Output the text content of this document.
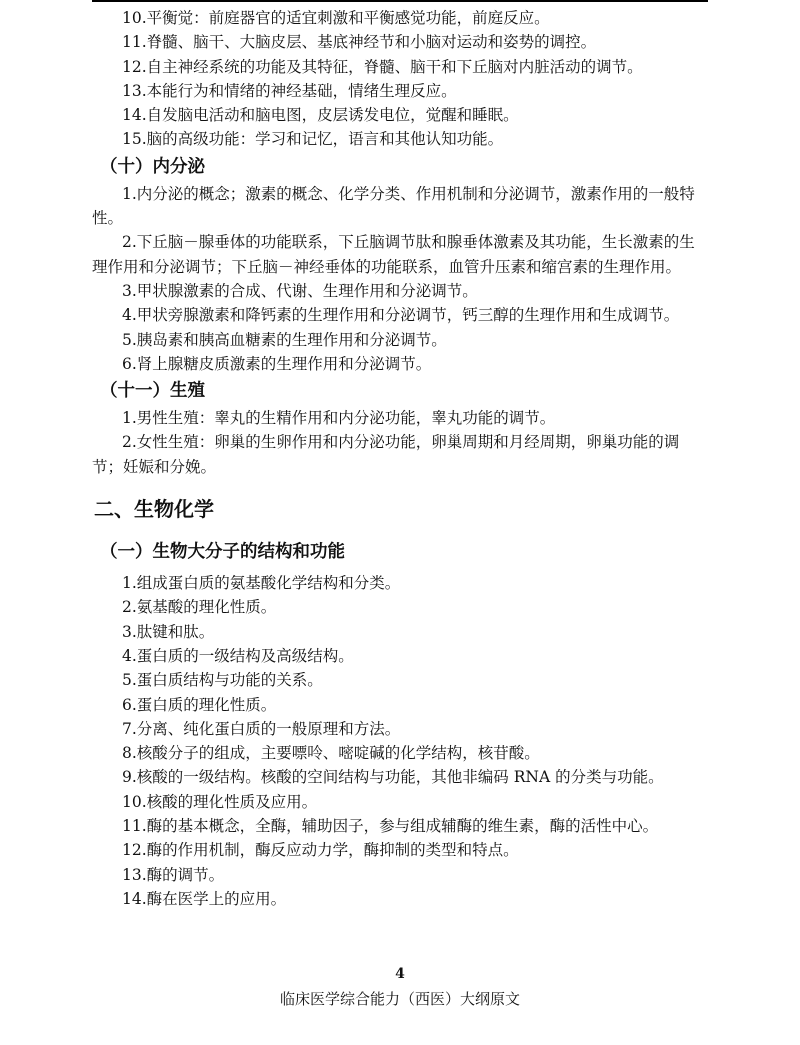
10.平衡觉：前庭器官的适宜刺激和平衡感觉功能，前庭反应。

11.脊髓、脑干、大脑皮层、基底神经节和小脑对运动和姿势的调控。

12.自主神经系统的功能及其特征，脊髓、脑干和下丘脑对内脏活动的调节。

13.本能行为和情绪的神经基础，情绪生理反应。

14.自发脑电活动和脑电图，皮层诱发电位，觉醒和睡眠。

15.脑的高级功能：学习和记忆，语言和其他认知功能。

（十）内分泌

1.内分泌的概念；激素的概念、化学分类、作用机制和分泌调节，激素作用的一般特性。

2.下丘脑－腺垂体的功能联系，下丘脑调节肽和腺垂体激素及其功能，生长激素的生理作用和分泌调节；下丘脑－神经垂体的功能联系，血管升压素和缩宫素的生理作用。

3.甲状腺激素的合成、代谢、生理作用和分泌调节。

4.甲状旁腺激素和降钙素的生理作用和分泌调节，钙三醇的生理作用和生成调节。

5.胰岛素和胰高血糖素的生理作用和分泌调节。

6.肾上腺糖皮质激素的生理作用和分泌调节。

（十一）生殖

1.男性生殖：睾丸的生精作用和内分泌功能，睾丸功能的调节。

2.女性生殖：卵巢的生卵作用和内分泌功能，卵巢周期和月经周期，卵巢功能的调节；妊娠和分娩。

二、生物化学

（一）生物大分子的结构和功能

1.组成蛋白质的氨基酸化学结构和分类。

2.氨基酸的理化性质。

3.肽键和肽。

4.蛋白质的一级结构及高级结构。

5.蛋白质结构与功能的关系。

6.蛋白质的理化性质。

7.分离、纯化蛋白质的一般原理和方法。

8.核酸分子的组成，主要嘌呤、嘧啶碱的化学结构，核苷酸。

9.核酸的一级结构。核酸的空间结构与功能，其他非编码 RNA 的分类与功能。

10.核酸的理化性质及应用。

11.酶的基本概念，全酶，辅助因子，参与组成辅酶的维生素，酶的活性中心。

12.酶的作用机制，酶反应动力学，酶抑制的类型和特点。

13.酶的调节。

14.酶在医学上的应用。

4
临床医学综合能力（西医）大纲原文
